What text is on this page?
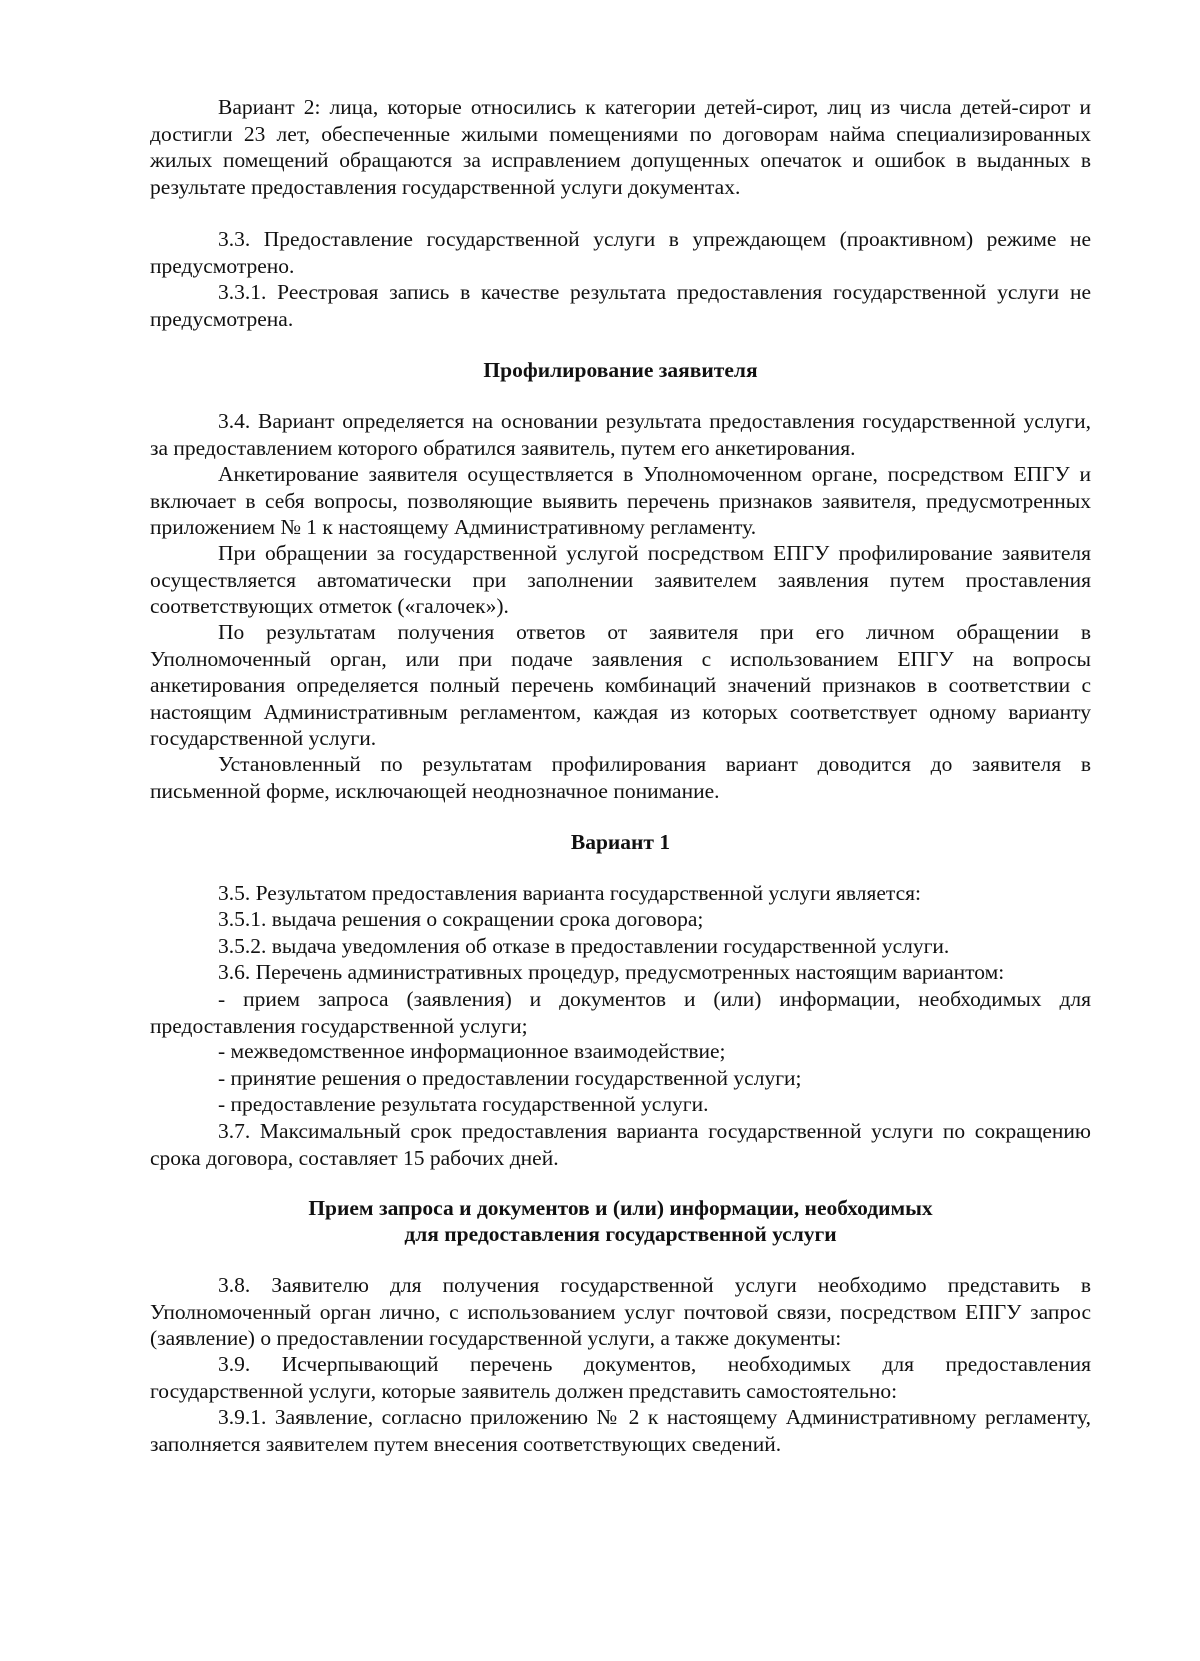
Вариант 2: лица, которые относились к категории детей-сирот, лиц из числа детей-сирот и достигли 23 лет, обеспеченные жилыми помещениями по договорам найма специализированных жилых помещений обращаются за исправлением допущенных опечаток и ошибок в выданных в результате предоставления государственной услуги документах.

3.3. Предоставление государственной услуги в упреждающем (проактивном) режиме не предусмотрено.

3.3.1. Реестровая запись в качестве результата предоставления государственной услуги не предусмотрена.

Профилирование заявителя

3.4. Вариант определяется на основании результата предоставления государственной услуги, за предоставлением которого обратился заявитель, путем его анкетирования.

Анкетирование заявителя осуществляется в Уполномоченном органе, посредством ЕПГУ и включает в себя вопросы, позволяющие выявить перечень признаков заявителя, предусмотренных приложением № 1 к настоящему Административному регламенту.

При обращении за государственной услугой посредством ЕПГУ профилирование заявителя осуществляется автоматически при заполнении заявителем заявления путем проставления соответствующих отметок («галочек»).

По результатам получения ответов от заявителя при его личном обращении в Уполномоченный орган, или при подаче заявления с использованием ЕПГУ на вопросы анкетирования определяется полный перечень комбинаций значений признаков в соответствии с настоящим Административным регламентом, каждая из которых соответствует одному варианту государственной услуги.

Установленный по результатам профилирования вариант доводится до заявителя в письменной форме, исключающей неоднозначное понимание.

Вариант 1

3.5. Результатом предоставления варианта государственной услуги является:

3.5.1. выдача решения о сокращении срока договора;

3.5.2. выдача уведомления об отказе в предоставлении государственной услуги.

3.6. Перечень административных процедур, предусмотренных настоящим вариантом:

- прием запроса (заявления) и документов и (или) информации, необходимых для предоставления государственной услуги;

- межведомственное информационное взаимодействие;

- принятие решения о предоставлении государственной услуги;

- предоставление результата государственной услуги.

3.7. Максимальный срок предоставления варианта государственной услуги по сокращению срока договора, составляет 15 рабочих дней.

Прием запроса и документов и (или) информации, необходимых

для предоставления государственной услуги

3.8. Заявителю для получения государственной услуги необходимо представить в Уполномоченный орган лично, с использованием услуг почтовой связи, посредством ЕПГУ запрос (заявление) о предоставлении государственной услуги, а также документы:

3.9. Исчерпывающий перечень документов, необходимых для предоставления государственной услуги, которые заявитель должен представить самостоятельно:

3.9.1. Заявление, согласно приложению № 2 к настоящему Административному регламенту, заполняется заявителем путем внесения соответствующих сведений.
